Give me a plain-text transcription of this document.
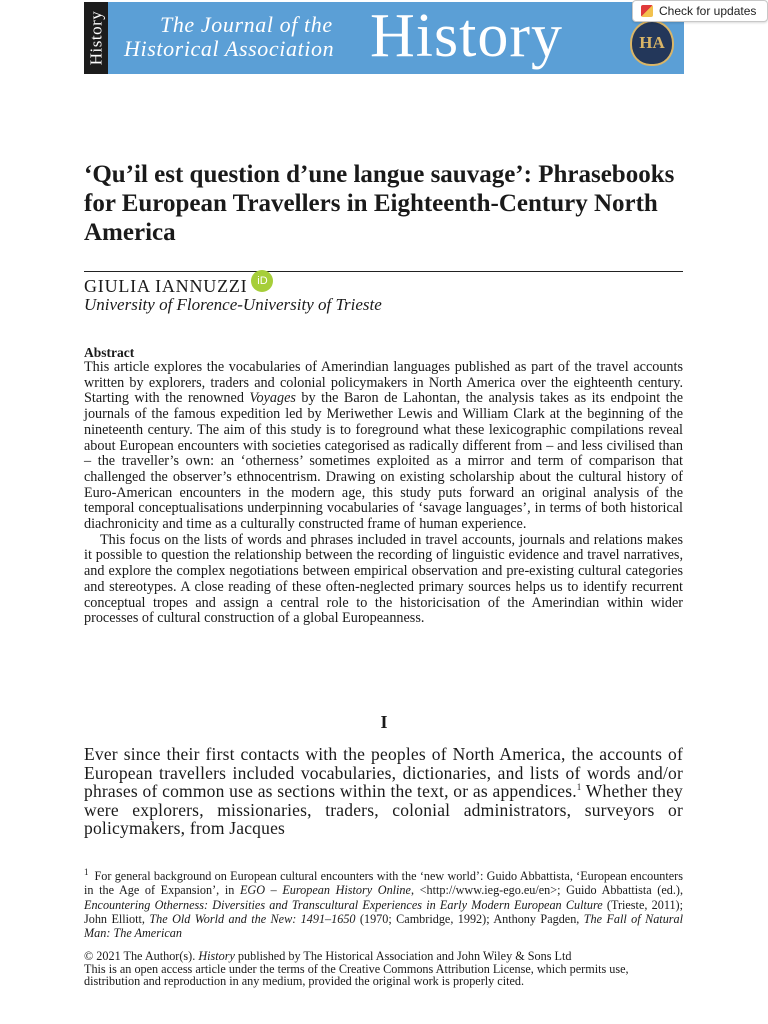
History	The Journal of the
Historical Association History	HA
Check for updates
‘Qu’il est question d’une langue sauvage’: Phrasebooks for European Travellers in Eighteenth-Century North America
GIULIA IANNUZZI iD
University of Florence-University of Trieste
Abstract

This article explores the vocabularies of Amerindian languages published as part of the travel accounts written by explorers, traders and colonial policymakers in North America over the eighteenth century. Starting with the renowned Voyages by the Baron de Lahontan, the analysis takes as its endpoint the journals of the famous expedition led by Meriwether Lewis and William Clark at the beginning of the nineteenth century. The aim of this study is to foreground what these lexicographic compilations reveal about European encounters with societies categorised as radically different from – and less civilised than – the traveller’s own: an ‘otherness’ sometimes exploited as a mirror and term of comparison that challenged the observer’s ethnocentrism. Drawing on existing scholarship about the cultural history of Euro-American encounters in the modern age, this study puts forward an original analysis of the temporal conceptualisations underpinning vocabularies of ‘savage languages’, in terms of both historical diachronicity and time as a culturally constructed frame of human experience.

This focus on the lists of words and phrases included in travel accounts, journals and relations makes it possible to question the relationship between the recording of linguistic evidence and travel narratives, and explore the complex negotiations between empirical observation and pre-existing cultural categories and stereotypes. A close reading of these often-neglected primary sources helps us to identify recurrent conceptual tropes and assign a central role to the historicisation of the Amerindian within wider processes of cultural construction of a global Europeanness.

I

Ever since their first contacts with the peoples of North America, the accounts of European travellers included vocabularies, dictionaries, and lists of words and/or phrases of common use as sections within the text, or as appendices.$^1$ Whether they were explorers, missionaries, traders, colonial administrators, surveyors or policymakers, from Jacques

$^1$ For general background on European cultural encounters with the ‘new world’: Guido Abbattista, ‘European encounters in the Age of Expansion’, in EGO – European History Online, <http://www.ieg-ego.eu/en>; Guido Abbattista (ed.), Encountering Otherness: Diversities and Transcultural Experiences in Early Modern European Culture (Trieste, 2011); John Elliott, The Old World and the New: 1491–1650 (1970; Cambridge, 1992); Anthony Pagden, The Fall of Natural Man: The American

© 2021 The Author(s). History published by The Historical Association and John Wiley & Sons Ltd
This is an open access article under the terms of the Creative Commons Attribution License, which permits use,
distribution and reproduction in any medium, provided the original work is properly cited.
